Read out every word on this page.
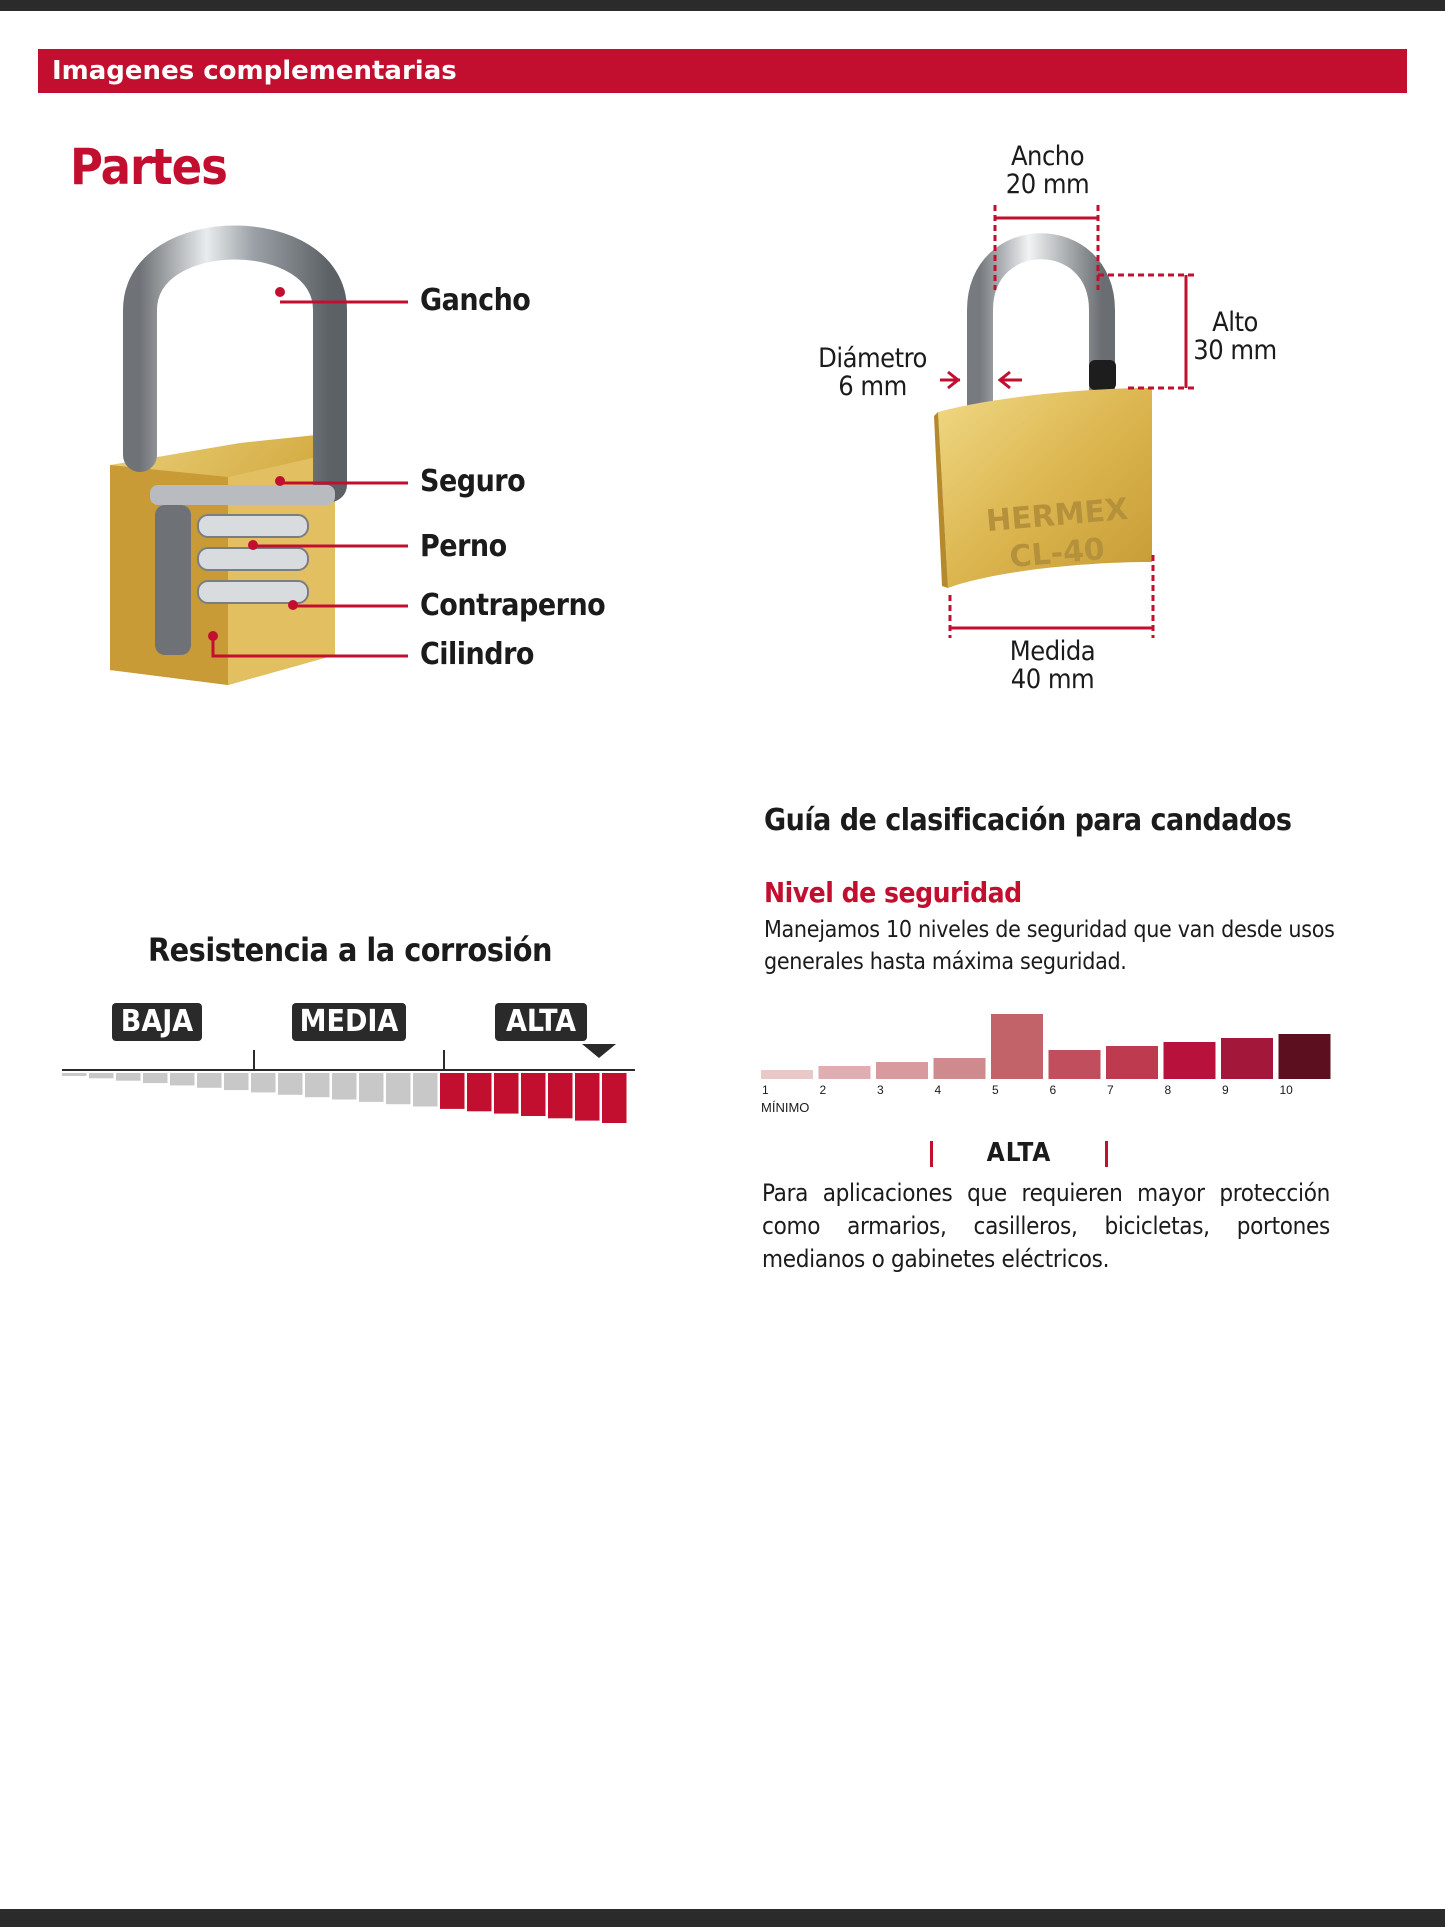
Imagenes complementarias
Partes
Gancho
Seguro
Perno
Contraperno
Cilindro
HERMEX
CL-40
Ancho
20 mm
Alto
30 mm
Diámetro
6 mm
Medida
40 mm
Resistencia a la corrosión
BAJA	MEDIA	ALTA
Guía de clasificación para candados
Nivel de seguridad
Manejamos 10 niveles de seguridad que van desde usos generales hasta máxima seguridad.
1	2	3	4	5	6	7	8	9	10
MÍNIMO
ALTA
Para aplicaciones que requieren mayor protección como armarios, casilleros, bicicletas, portones medianos o gabinetes eléctricos.
